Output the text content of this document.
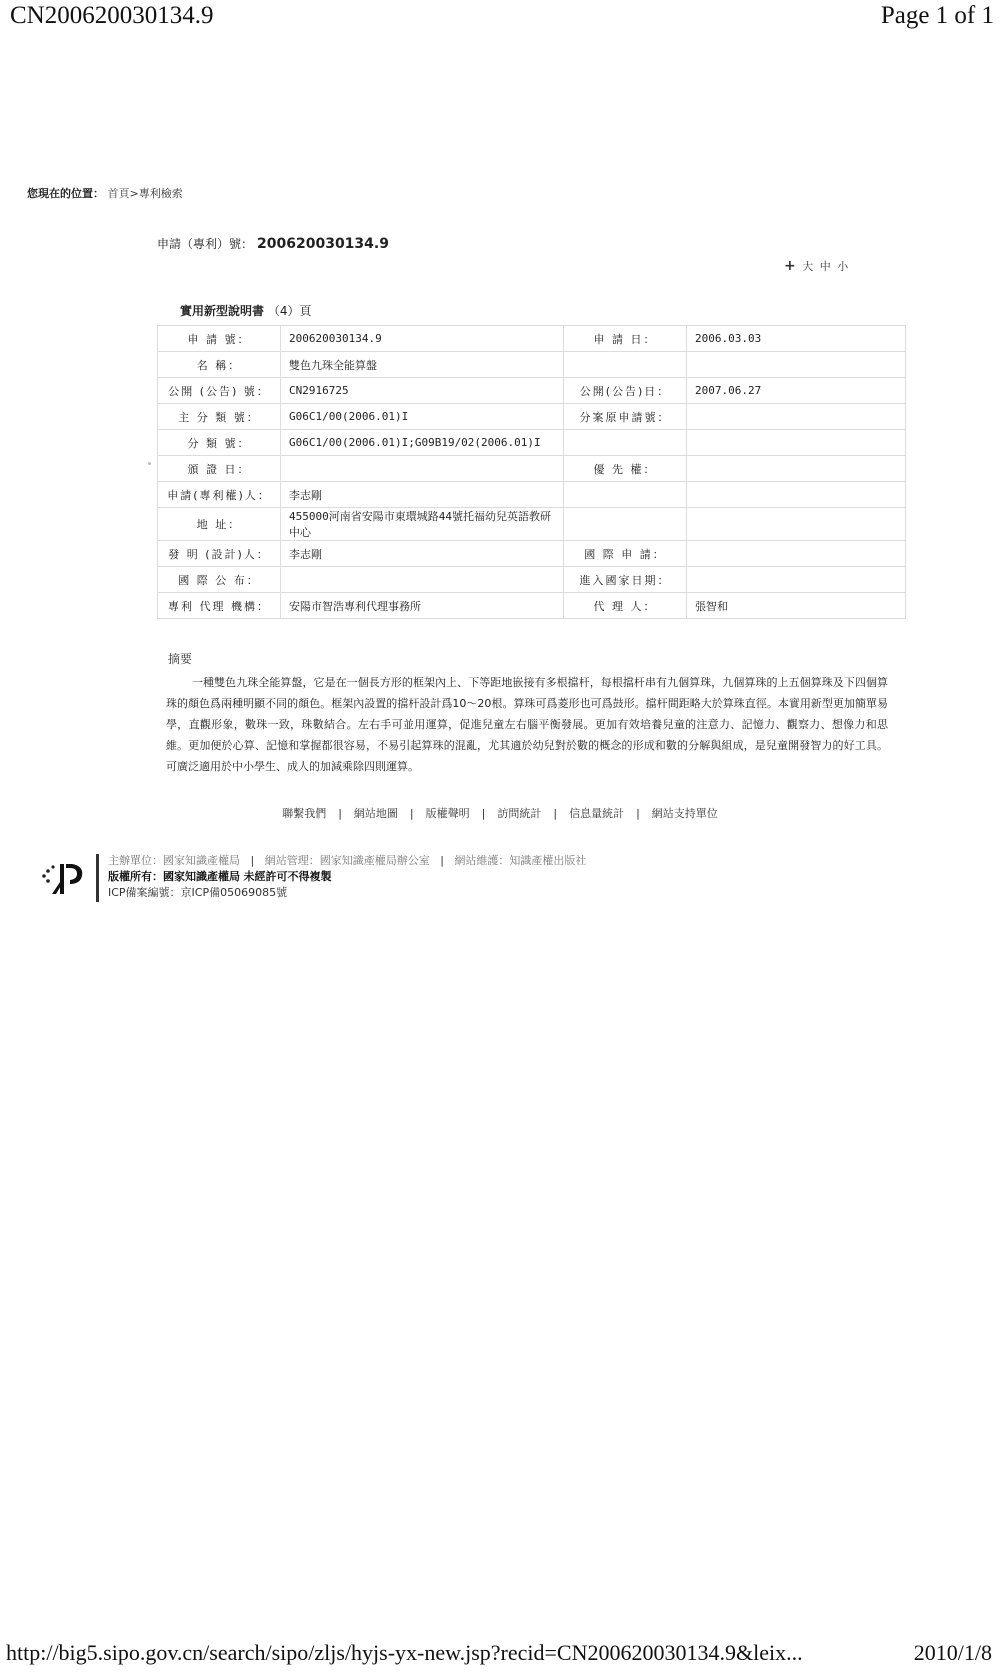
CN200620030134.9	Page 1 of 1
您現在的位置： 首頁>專利檢索
申請（專利）號： 200620030134.9
+ 大 中 小
實用新型說明書 （4）頁
申 請 號：	200620030134.9	申 請 日：	2006.03.03
名 稱：	雙色九珠全能算盤		
公開 (公告) 號：	CN2916725	公開(公告)日：	2007.06.27
主 分 類 號：	G06C1/00(2006.01)I	分案原申請號：	
分 類 號：	G06C1/00(2006.01)I;G09B19/02(2006.01)I		
頒 證 日：		優 先 權：	
申請(專利權)人：	李志剛		
地 址：	455000河南省安陽市東環城路44號托福幼兒英語教研中心		
發 明 (設計)人：	李志剛	國 際 申 請：	
國 際 公 布：		進入國家日期：	
專利 代理 機構：	安陽市智浩專利代理事務所	代 理 人：	張智和
摘要
一種雙色九珠全能算盤，它是在一個長方形的框架內上、下等距地嵌接有多根擋杆，每根擋杆串有九個算珠，九個算珠的上五個算珠及下四個算珠的顏色爲兩種明顯不同的顏色。框架內設置的擋杆設計爲10～20根。算珠可爲菱形也可爲鼓形。擋杆間距略大於算珠直徑。本實用新型更加簡單易學，直觀形象，數珠一致，珠數結合。左右手可並用運算，促進兒童左右腦平衡發展。更加有效培養兒童的注意力、記憶力、觀察力、想像力和思維。更加便於心算、記憶和掌握都很容易，不易引起算珠的混亂，尤其適於幼兒對於數的概念的形成和數的分解與組成，是兒童開發智力的好工具。可廣泛適用於中小學生、成人的加減乘除四則運算。
聯繫我們 | 網站地圖 | 版權聲明 | 訪問統計 | 信息量統計 | 網站支持單位
主辦單位：國家知識產權局 | 網站管理：國家知識產權局辦公室 | 網站維護：知識產權出版社
版權所有：國家知識產權局 未經許可不得複製
ICP備案編號：京ICP備05069085號
http://big5.sipo.gov.cn/search/sipo/zljs/hyjs-yx-new.jsp?recid=CN200620030134.9&leix...	2010/1/8
